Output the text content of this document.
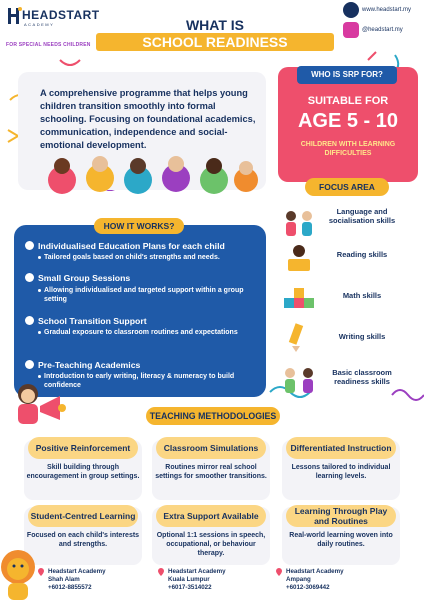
HEADSTART
ACADEMY
FOR SPECIAL NEEDS CHILDREN
WHAT IS
SCHOOL READINESS PROGRAMME?
www.headstart.my
@headstart.my
A comprehensive programme that helps young children transition smoothly into formal schooling. Focusing on foundational academics, communication, independence and social-emotional development.
WHO IS SRP FOR?
SUITABLE FOR
AGE 5 - 10
CHILDREN WITH LEARNING DIFFICULTIES
FOCUS AREA
Language and socialisation skills
Reading skills
Math skills
Writing skills
Basic classroom readiness skills
HOW IT WORKS?
Individualised Education Plans for each child
Tailored goals based on child's strengths and needs.
Small Group Sessions
Allowing individualised and targeted support within a group setting
School Transition Support
Gradual exposure to classroom routines and expectations
Pre-Teaching Academics
Introduction to early writing, literacy & numeracy to build confidence
TEACHING METHODOLOGIES
Positive Reinforcement
Skill building through encouragement in group settings.
Classroom Simulations
Routines mirror real school settings for smoother transitions.
Differentiated Instruction
Lessons tailored to individual learning levels.
Student-Centred Learning
Focused on each child's interests and strengths.
Extra Support Available
Optional 1:1 sessions in speech, occupational, or behaviour therapy.
Learning Through Play and Routines
Real-world learning woven into daily routines.
Headstart Academy
Shah Alam
+6012-8855572
Headstart Academy
Kuala Lumpur
+6017-3514022
Headstart Academy
Ampang
+6012-3069442
